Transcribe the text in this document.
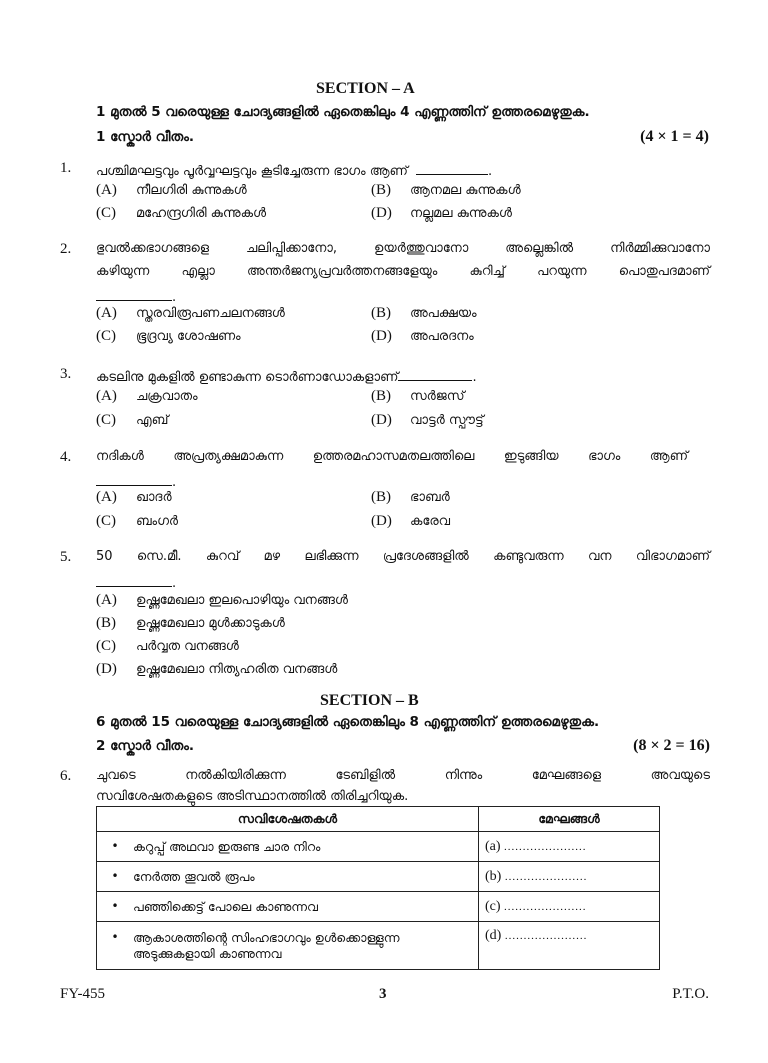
SECTION – A
1 മുതൽ 5 വരെയുള്ള ചോദ്യങ്ങളിൽ ഏതെങ്കിലും 4 എണ്ണത്തിന് ഉത്തരമെഴുതുക.
1 സ്കോർ വീതം.	(4 × 1 = 4)
1. പശ്ചിമഘട്ടവും പൂർവ്വഘട്ടവും കൂടിച്ചേരുന്ന ഭാഗം ആണ്	.
(A) നീലഗിരി കുന്നുകൾ	(B) ആനമല കുന്നുകൾ
(C) മഹേന്ദ്രഗിരി കുന്നുകൾ	(D) നല്ലമല കുന്നുകൾ
2. ഭുവൽക്കഭാഗങ്ങളെ ചലിപ്പിക്കാനോ, ഉയർത്തുവാനോ അല്ലെങ്കിൽ നിർമ്മിക്കുവാനോ
കഴിയുന്ന എല്ലാ അന്തർജന്യപ്രവർത്തനങ്ങളേയും കുറിച്ച് പറയുന്ന പൊതുപദമാണ്
.
(A) സ്തരവിരൂപണചലനങ്ങൾ	(B) അപക്ഷയം
(C) ഭൂദ്രവ്യ ശോഷണം	(D) അപരദനം
3. കടലിനു മുകളിൽ ഉണ്ടാകുന്ന ടൊർണാഡോകളാണ്	.
(A) ചക്രവാതം	(B) സർജസ്
(C) എബ്	(D) വാട്ടർ സ്പൗട്ട്
4. നദികൾ അപ്രത്യക്ഷമാകുന്ന ഉത്തരമഹാസമതലത്തിലെ ഇടുങ്ങിയ ഭാഗം ആണ്
.
(A) ഖാദർ	(B) ഭാബർ
(C) ബംഗർ	(D) കരേവ
5. 50 സെ.മീ. കുറവ് മഴ ലഭിക്കുന്ന പ്രദേശങ്ങളിൽ കണ്ടുവരുന്ന വന വിഭാഗമാണ്
.
(A) ഉഷ്ണമേഖലാ ഇലപൊഴിയും വനങ്ങൾ
(B) ഉഷ്ണമേഖലാ മുൾക്കാടുകൾ
(C) പർവ്വത വനങ്ങൾ
(D) ഉഷ്ണമേഖലാ നിത്യഹരിത വനങ്ങൾ
SECTION – B
6 മുതൽ 15 വരെയുള്ള ചോദ്യങ്ങളിൽ ഏതെങ്കിലും 8 എണ്ണത്തിന് ഉത്തരമെഴുതുക.
2 സ്കോർ വീതം.	(8 × 2 = 16)
6. ചുവടെ നൽകിയിരിക്കുന്ന ടേബിളിൽ നിന്നും മേഘങ്ങളെ അവയുടെ
സവിശേഷതകളുടെ അടിസ്ഥാനത്തിൽ തിരിച്ചറിയുക.
സവിശേഷതകൾ	മേഘങ്ങൾ
• കറുപ്പ് അഥവാ ഇരുണ്ട ചാര നിറം	(a) ......................
• നേർത്ത തൂവൽ രൂപം	(b) ......................
• പഞ്ഞിക്കെട്ട് പോലെ കാണുന്നവ	(c) ......................
• ആകാശത്തിന്റെ സിംഹഭാഗവും ഉൾക്കൊള്ളുന്ന
അടുക്കുകളായി കാണുന്നവ	(d) ......................
FY-455	3	P.T.O.
